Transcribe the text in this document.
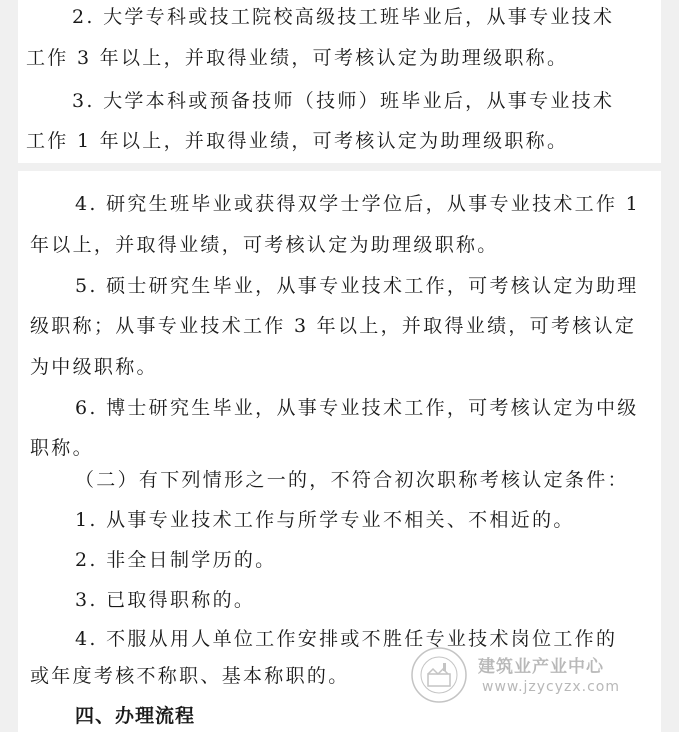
2. 大学专科或技工院校高级技工班毕业后，从事专业技术
工作 3 年以上，并取得业绩，可考核认定为助理级职称。
3. 大学本科或预备技师（技师）班毕业后，从事专业技术
工作 1 年以上，并取得业绩，可考核认定为助理级职称。
4. 研究生班毕业或获得双学士学位后，从事专业技术工作 1
年以上，并取得业绩，可考核认定为助理级职称。
5. 硕士研究生毕业，从事专业技术工作，可考核认定为助理
级职称；从事专业技术工作 3 年以上，并取得业绩，可考核认定
为中级职称。
6. 博士研究生毕业，从事专业技术工作，可考核认定为中级
职称。
（二）有下列情形之一的，不符合初次职称考核认定条件：
1. 从事专业技术工作与所学专业不相关、不相近的。
2. 非全日制学历的。
3. 已取得职称的。
4. 不服从用人单位工作安排或不胜任专业技术岗位工作的
或年度考核不称职、基本称职的。
四、办理流程
建筑业产业中心
www.jzycyzx.com
